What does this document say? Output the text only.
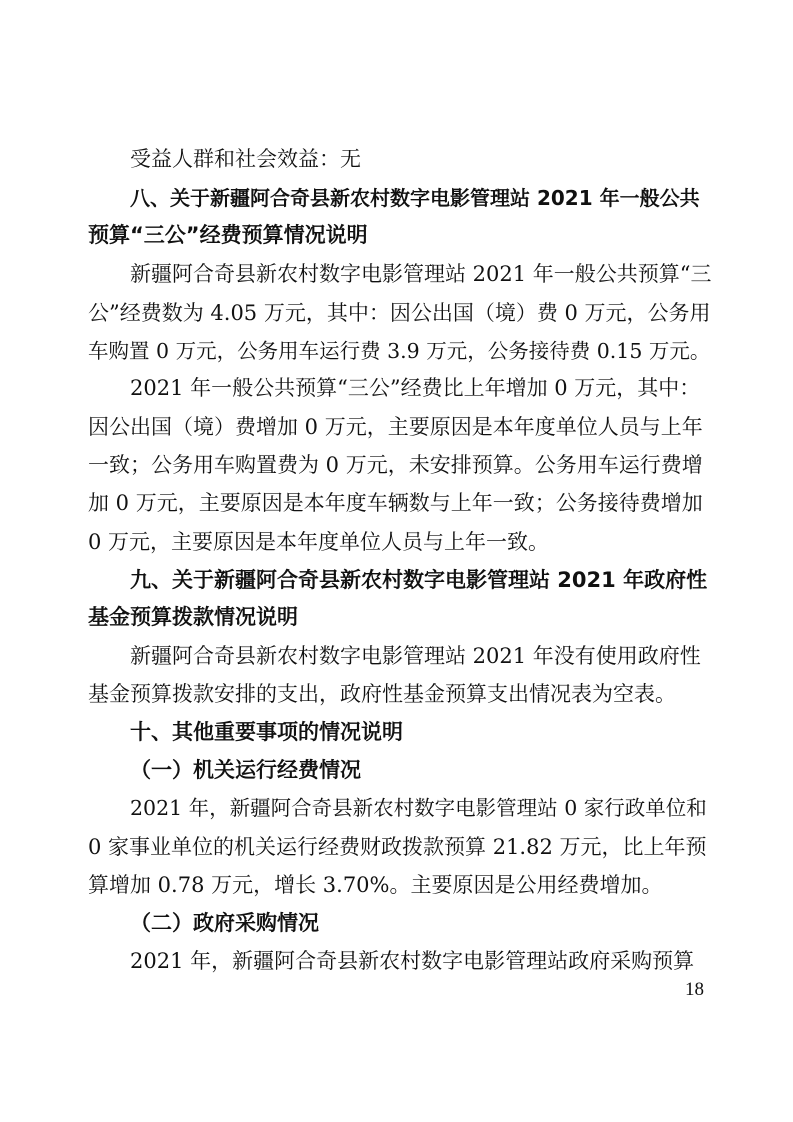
受益人群和社会效益：无
八、关于新疆阿合奇县新农村数字电影管理站 2021 年一般公共
预算“三公”经费预算情况说明
新疆阿合奇县新农村数字电影管理站 2021 年一般公共预算“三
公”经费数为 4.05 万元，其中：因公出国（境）费 0 万元，公务用
车购置 0 万元，公务用车运行费 3.9 万元，公务接待费 0.15 万元。
2021 年一般公共预算“三公”经费比上年增加 0 万元，其中：
因公出国（境）费增加 0 万元，主要原因是本年度单位人员与上年
一致；公务用车购置费为 0 万元，未安排预算。公务用车运行费增
加 0 万元，主要原因是本年度车辆数与上年一致；公务接待费增加
0 万元，主要原因是本年度单位人员与上年一致。
九、关于新疆阿合奇县新农村数字电影管理站 2021 年政府性
基金预算拨款情况说明
新疆阿合奇县新农村数字电影管理站 2021 年没有使用政府性
基金预算拨款安排的支出，政府性基金预算支出情况表为空表。
十、其他重要事项的情况说明
（一）机关运行经费情况
2021 年，新疆阿合奇县新农村数字电影管理站 0 家行政单位和
0 家事业单位的机关运行经费财政拨款预算 21.82 万元，比上年预
算增加 0.78 万元，增长 3.70%。主要原因是公用经费增加。
（二）政府采购情况
2021 年，新疆阿合奇县新农村数字电影管理站政府采购预算
18
